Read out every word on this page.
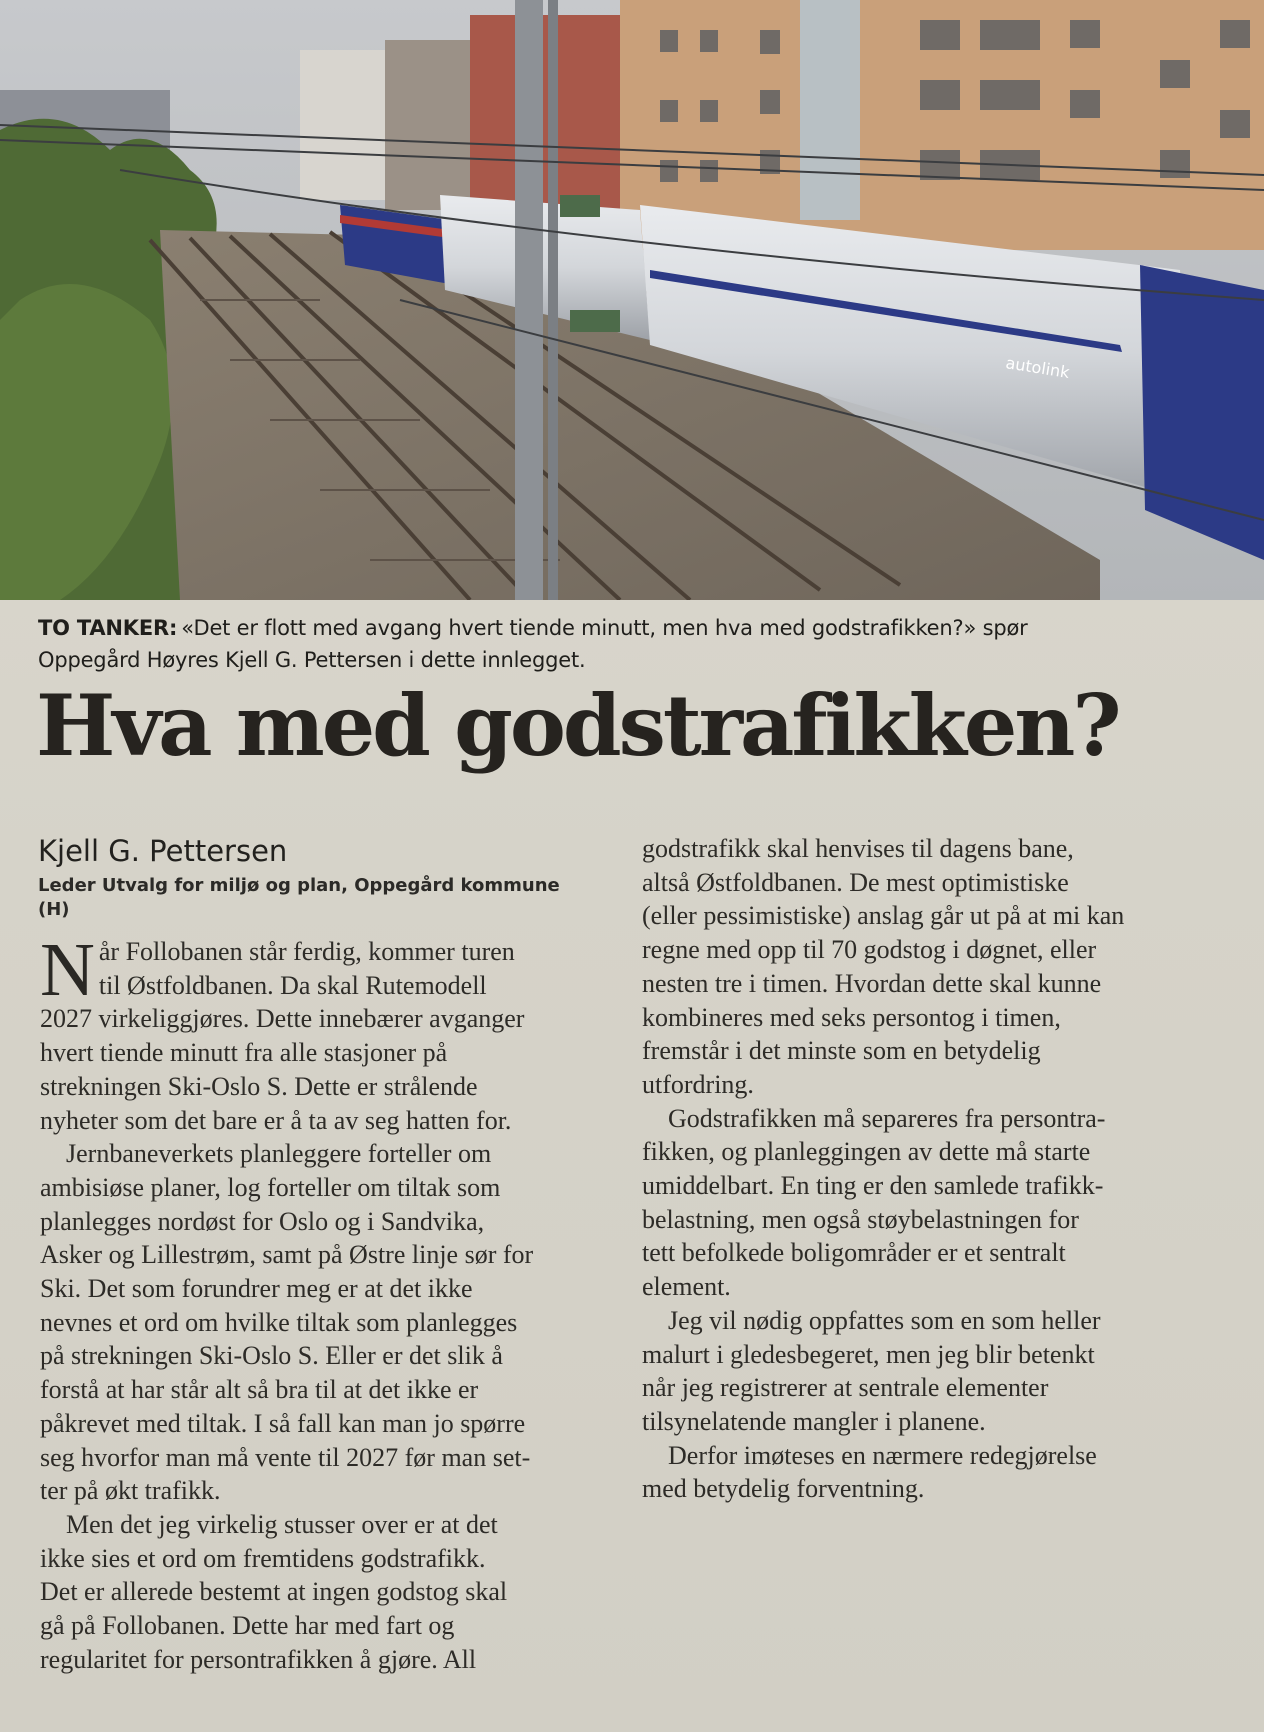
autolink
TO TANKER: «Det er flott med avgang hvert tiende minutt, men hva med godstrafikken?» spør
Oppegård Høyres Kjell G. Pettersen i dette innlegget.
Hva med godstrafikken?
Kjell G. Pettersen
Leder Utvalg for miljø og plan, Oppegård kommune
(H)

N år Follobanen står ferdig, kommer turen
til Østfoldbanen. Da skal Rutemodell
2027 virkeliggjøres. Dette innebærer avganger
hvert tiende minutt fra alle stasjoner på
strekningen Ski-Oslo S. Dette er strålende
nyheter som det bare er å ta av seg hatten for.

Jernbaneverkets planleggere forteller om
ambisiøse planer, log forteller om tiltak som
planlegges nordøst for Oslo og i Sandvika,
Asker og Lillestrøm, samt på Østre linje sør for
Ski. Det som forundrer meg er at det ikke
nevnes et ord om hvilke tiltak som planlegges
på strekningen Ski-Oslo S. Eller er det slik å
forstå at har står alt så bra til at det ikke er
påkrevet med tiltak. I så fall kan man jo spørre
seg hvorfor man må vente til 2027 før man set-
ter på økt trafikk.

Men det jeg virkelig stusser over er at det
ikke sies et ord om fremtidens godstrafikk.
Det er allerede bestemt at ingen godstog skal
gå på Follobanen. Dette har med fart og
regularitet for persontrafikken å gjøre. All

godstrafikk skal henvises til dagens bane,
altså Østfoldbanen. De mest optimistiske
(eller pessimistiske) anslag går ut på at mi kan
regne med opp til 70 godstog i døgnet, eller
nesten tre i timen. Hvordan dette skal kunne
kombineres med seks persontog i timen,
fremstår i det minste som en betydelig
utfordring.

Godstrafikken må separeres fra persontra-
fikken, og planleggingen av dette må starte
umiddelbart. En ting er den samlede trafikk-
belastning, men også støybelastningen for
tett befolkede boligområder er et sentralt
element.

Jeg vil nødig oppfattes som en som heller
malurt i gledesbegeret, men jeg blir betenkt
når jeg registrerer at sentrale elementer
tilsynelatende mangler i planene.

Derfor imøteses en nærmere redegjørelse
med betydelig forventning.
